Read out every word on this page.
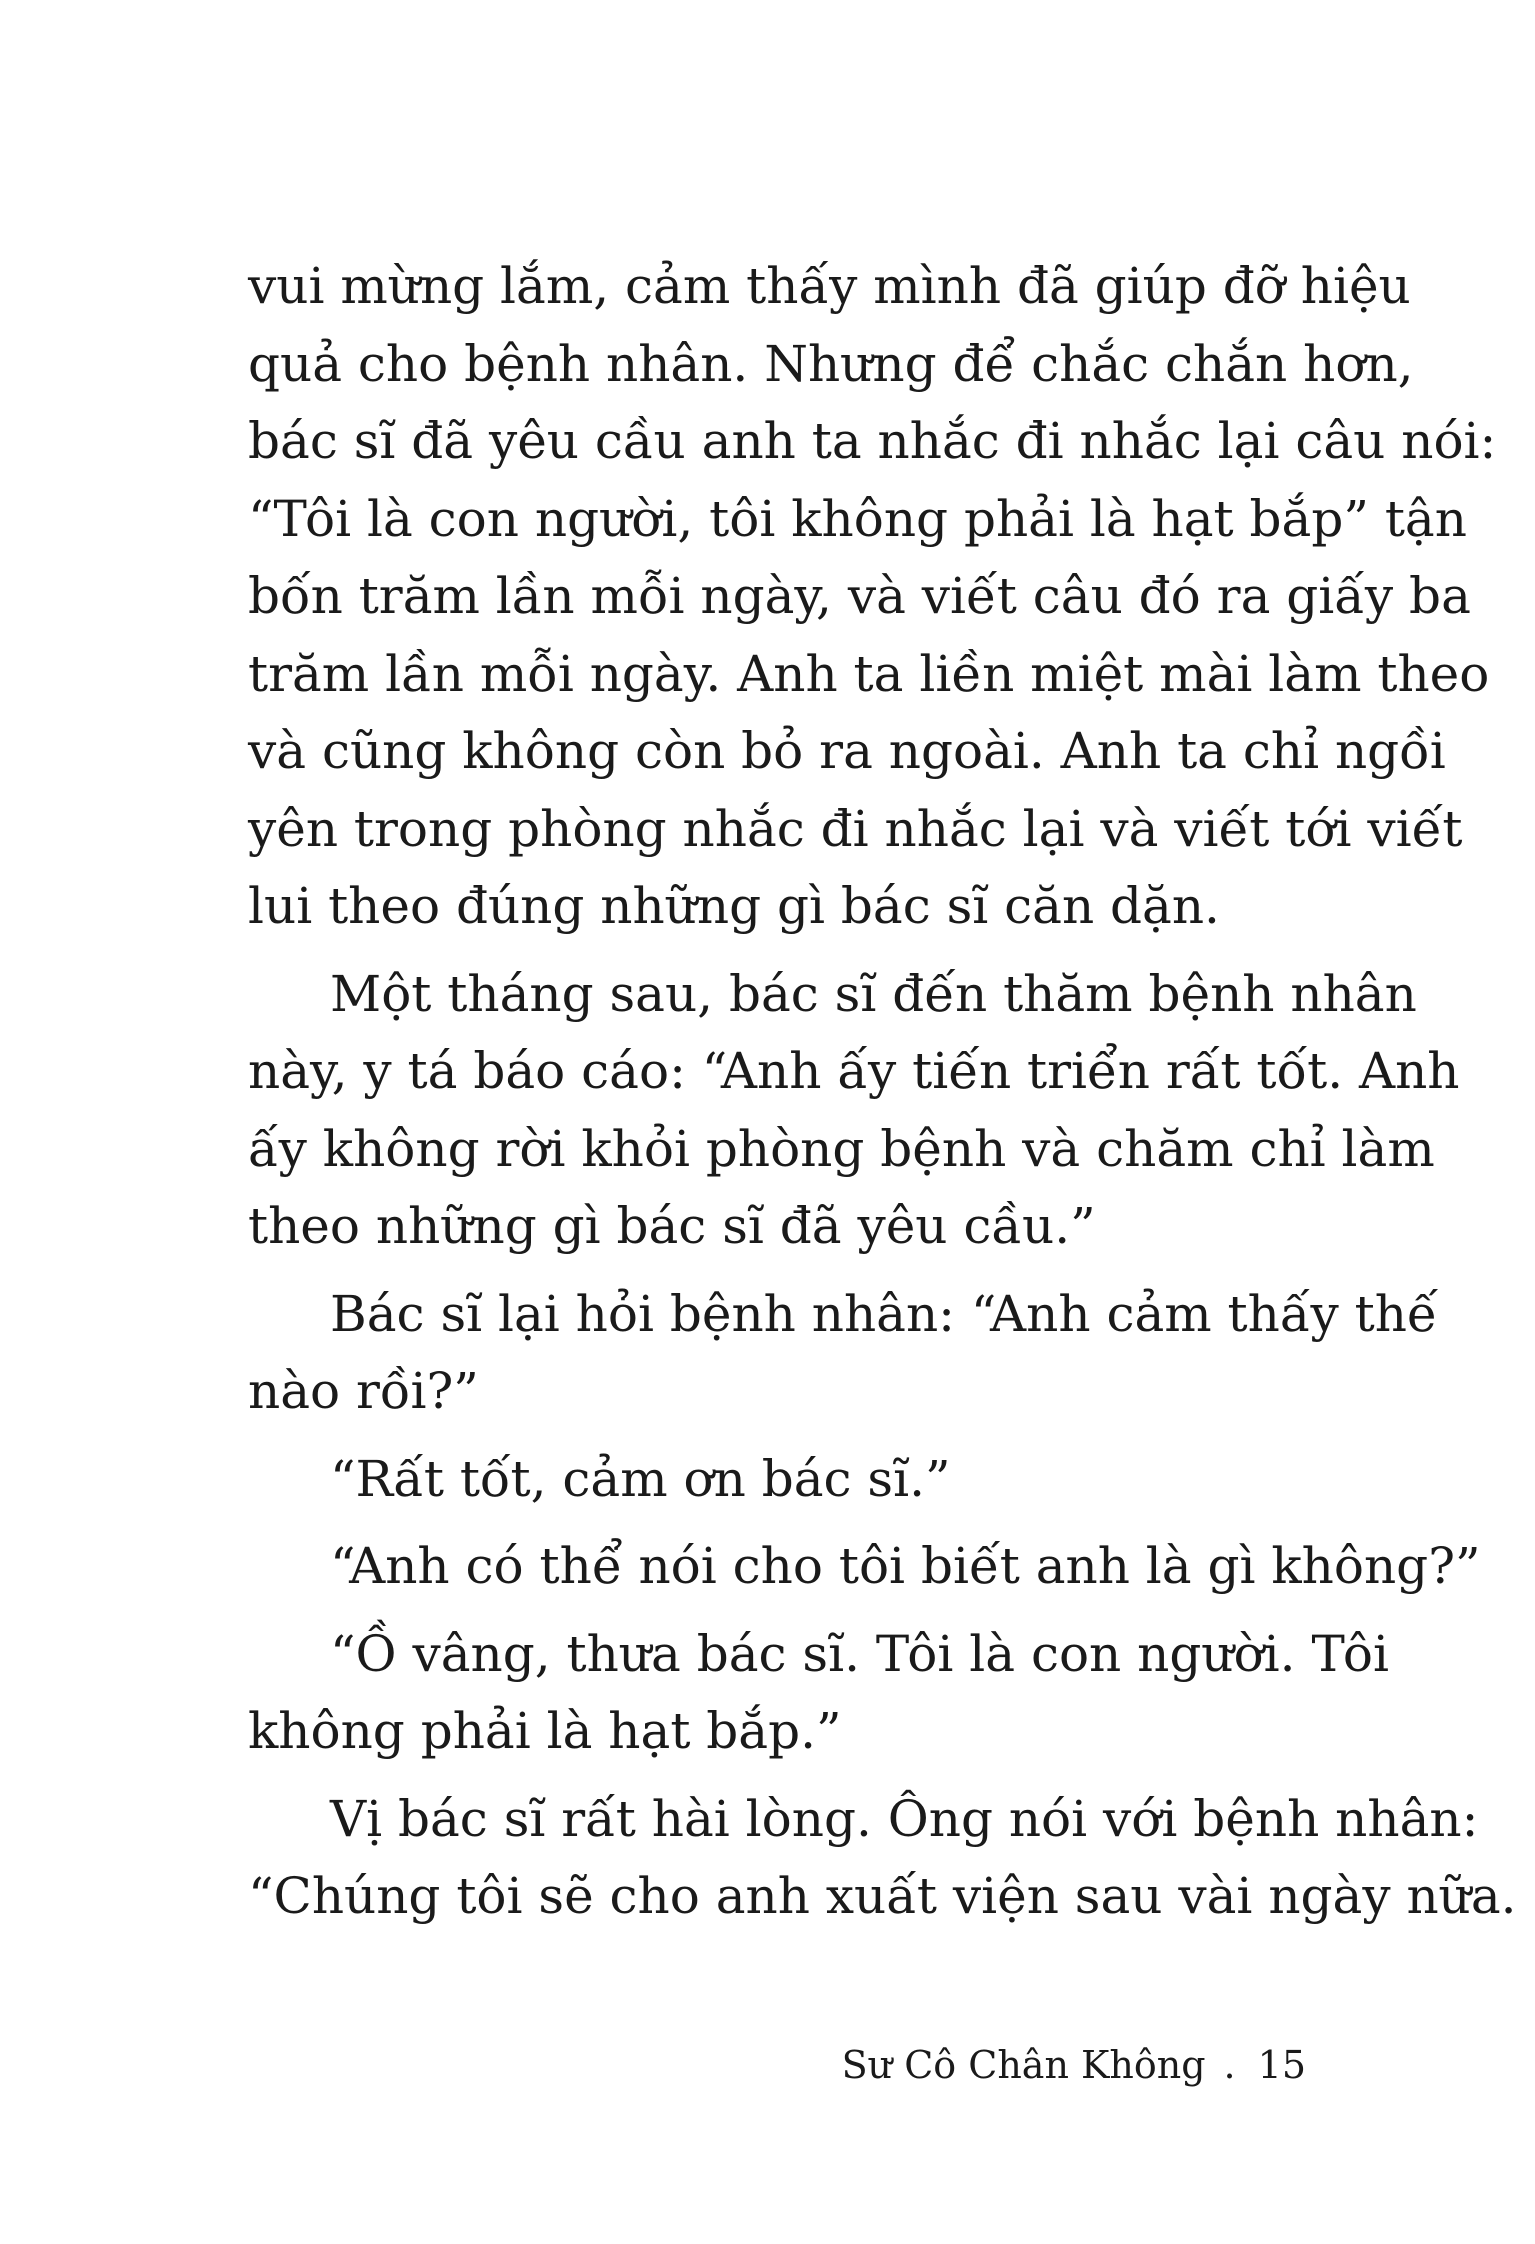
vui mừng lắm, cảm thấy mình đã giúp đỡ hiệu

quả cho bệnh nhân. Nhưng để chắc chắn hơn,

bác sĩ đã yêu cầu anh ta nhắc đi nhắc lại câu nói:

“Tôi là con người, tôi không phải là hạt bắp” tận

bốn trăm lần mỗi ngày, và viết câu đó ra giấy ba

trăm lần mỗi ngày. Anh ta liền miệt mài làm theo

và cũng không còn bỏ ra ngoài. Anh ta chỉ ngồi

yên trong phòng nhắc đi nhắc lại và viết tới viết

lui theo đúng những gì bác sĩ căn dặn.

Một tháng sau, bác sĩ đến thăm bệnh nhân

này, y tá báo cáo: “Anh ấy tiến triển rất tốt. Anh

ấy không rời khỏi phòng bệnh và chăm chỉ làm

theo những gì bác sĩ đã yêu cầu.”

Bác sĩ lại hỏi bệnh nhân: “Anh cảm thấy thế

nào rồi?”

“Rất tốt, cảm ơn bác sĩ.”

“Anh có thể nói cho tôi biết anh là gì không?”

“Ồ vâng, thưa bác sĩ. Tôi là con người. Tôi

không phải là hạt bắp.”

Vị bác sĩ rất hài lòng. Ông nói với bệnh nhân:

“Chúng tôi sẽ cho anh xuất viện sau vài ngày nữa.

Sư Cô Chân Không . 15
